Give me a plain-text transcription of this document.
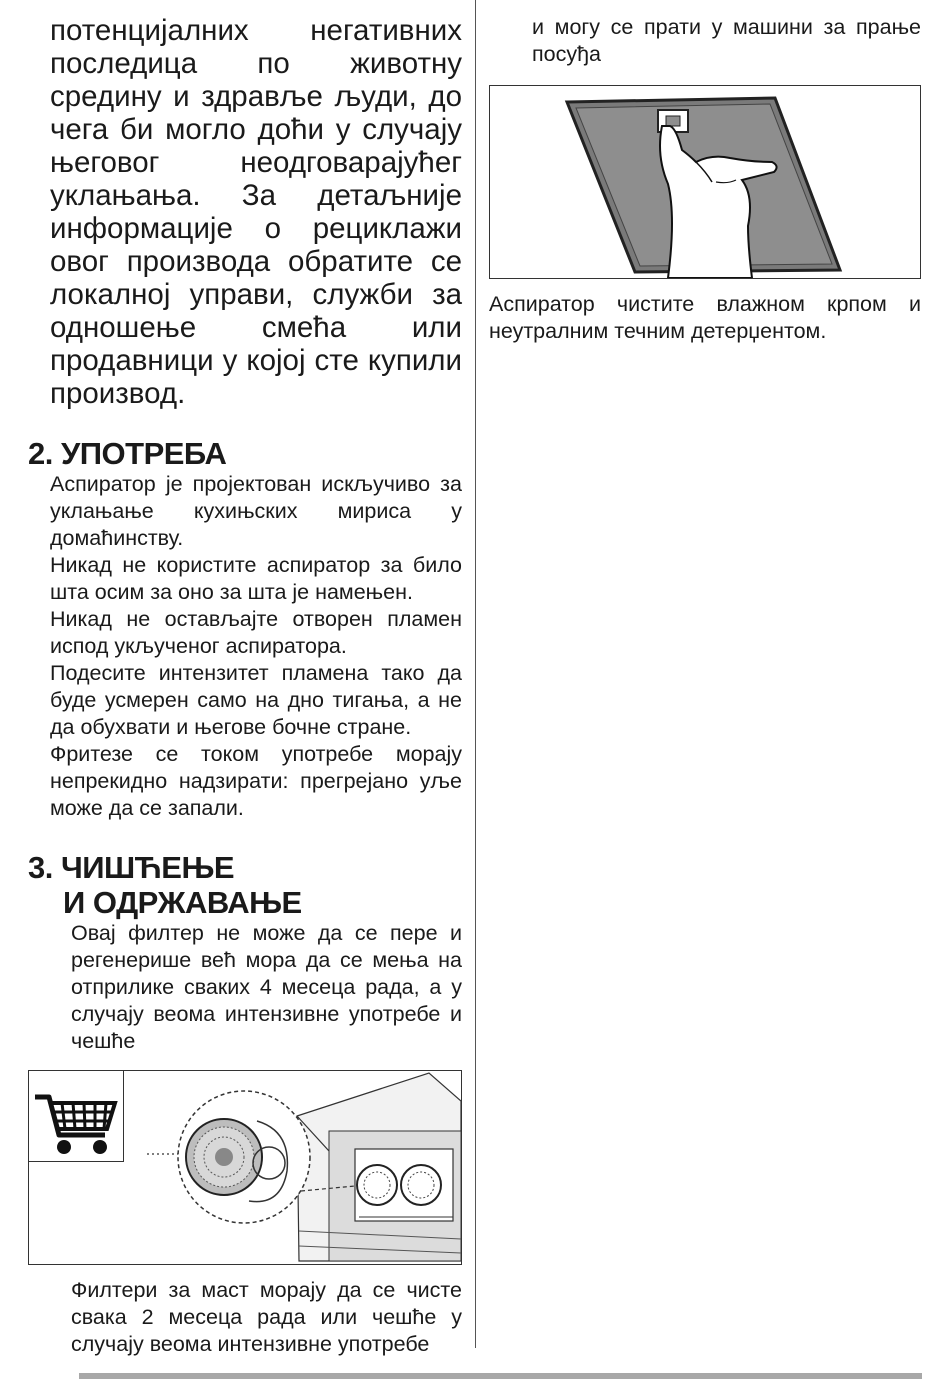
потенцијалних негативних последица по животну средину и здравље људи, до чега би могло доћи у случају његовог неодговарајућег уклањања. За детаљније информације о рециклажи овог производа обратите се локалној управи, служби за одношење смећа или продавници у којој сте купили производ.

2. УПОТРЕБА

Аспиратор је пројектован искључиво за уклањање кухињских мириса у домаћинству.

Никад не користите аспиратор за било шта осим за оно за шта је намењен.

Никад не остављајте отворен пламен испод укљученог аспиратора.

Подесите интензитет пламена тако да буде усмерен само на дно тигања, а не да обухвати и његове бочне стране.

Фритезе се током употребе морају непрекидно надзирати: прегрејано уље може да се запали.

3. ЧИШЋЕЊЕ
И ОДРЖАВАЊЕ

Овај филтер не може да се пере и регенерише већ мора да се мења на отприлике сваких 4 месеца рада, а у случају веома интензивне употребе и чешће

Филтери за маст морају да се чисте свака 2 месеца рада или чешће у случају веома интензивне употребе

и могу се прати у машини за прање посуђа

Аспиратор чистите влажном крпом и неутралним течним детерџентом.
